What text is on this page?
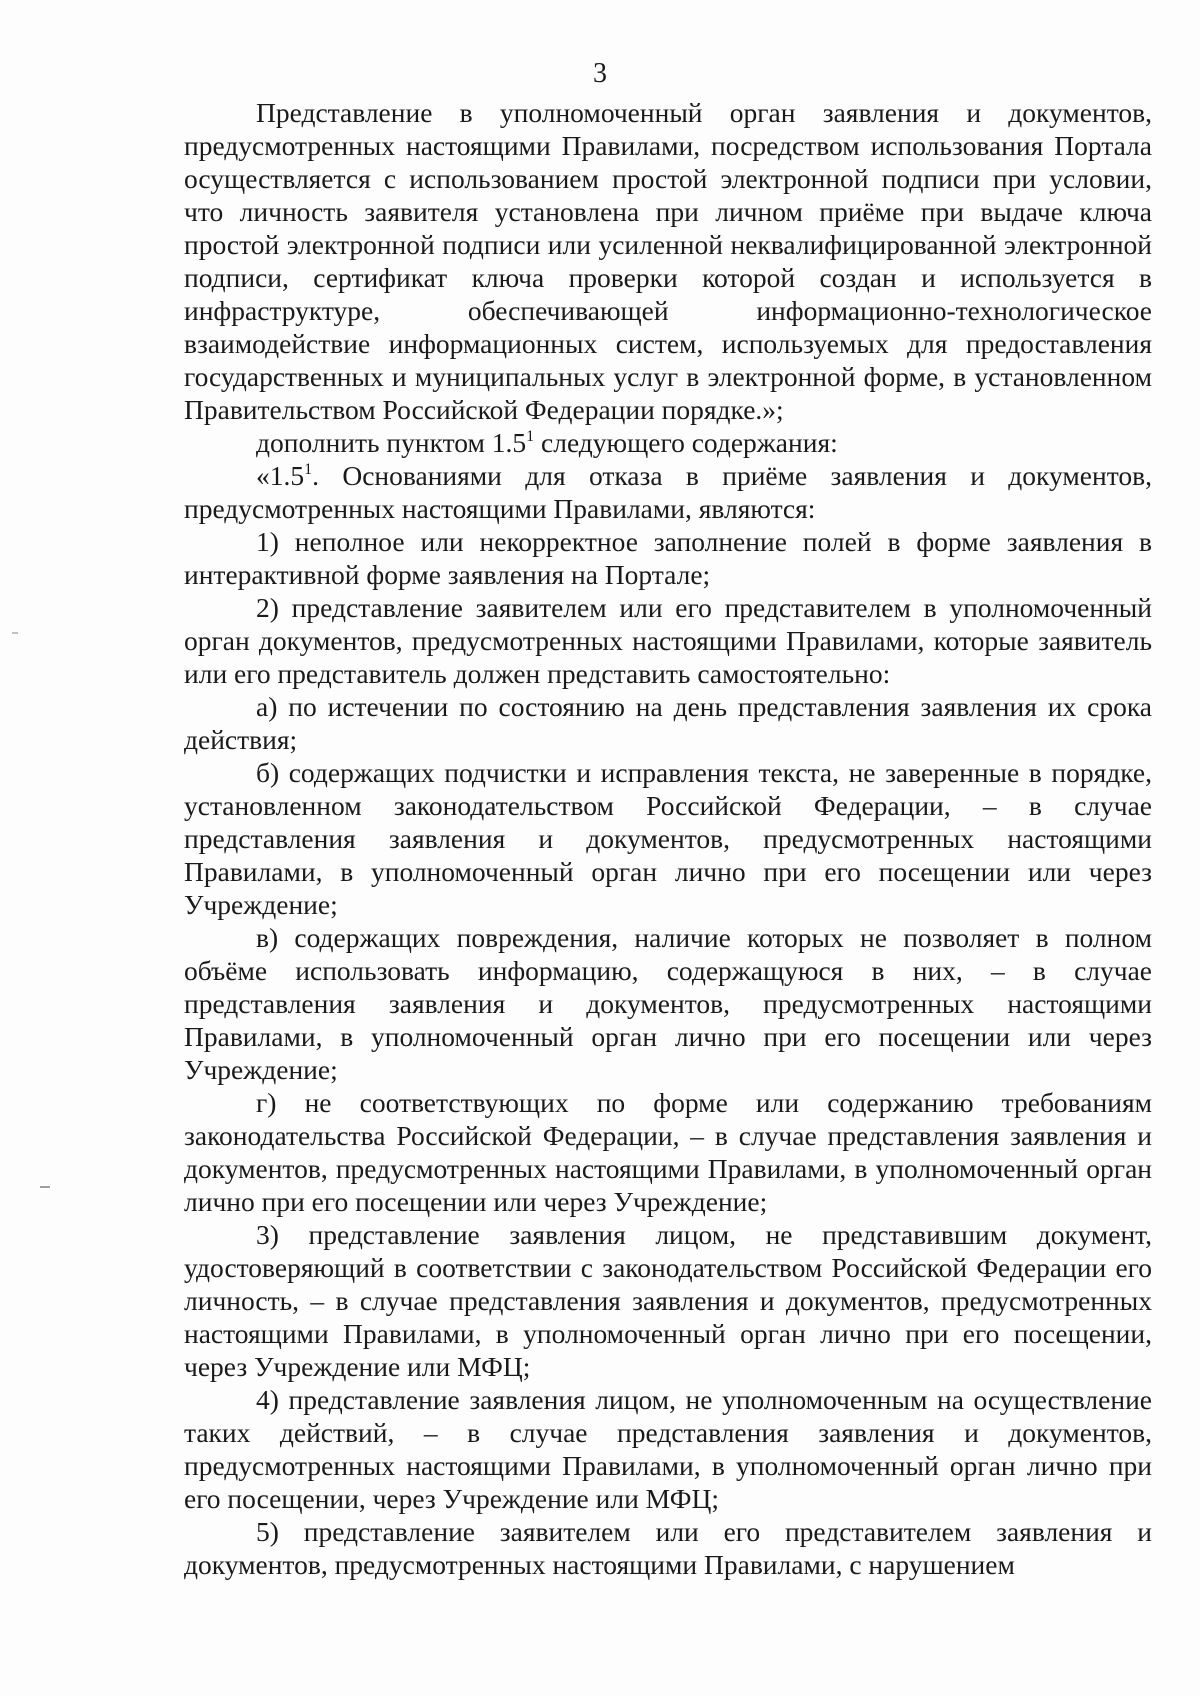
3

Представление в уполномоченный орган заявления и документов, предусмотренных настоящими Правилами, посредством использования Портала осуществляется с использованием простой электронной подписи при условии, что личность заявителя установлена при личном приёме при выдаче ключа простой электронной подписи или усиленной неквалифицированной электронной подписи, сертификат ключа проверки которой создан и используется в инфраструктуре, обеспечивающей информационно-технологическое взаимодействие информационных систем, используемых для предоставления государственных и муниципальных услуг в электронной форме, в установленном Правительством Российской Федерации порядке.»;

дополнить пунктом $1.5^1$ следующего содержания:

«$1.5^1$. Основаниями для отказа в приёме заявления и документов, предусмотренных настоящими Правилами, являются:

1) неполное или некорректное заполнение полей в форме заявления в интерактивной форме заявления на Портале;

2) представление заявителем или его представителем в уполномоченный орган документов, предусмотренных настоящими Правилами, которые заявитель или его представитель должен представить самостоятельно:

а) по истечении по состоянию на день представления заявления их срока действия;

б) содержащих подчистки и исправления текста, не заверенные в порядке, установленном законодательством Российской Федерации, – в случае представления заявления и документов, предусмотренных настоящими Правилами, в уполномоченный орган лично при его посещении или через Учреждение;

в) содержащих повреждения, наличие которых не позволяет в полном объёме использовать информацию, содержащуюся в них, – в случае представления заявления и документов, предусмотренных настоящими Правилами, в уполномоченный орган лично при его посещении или через Учреждение;

г) не соответствующих по форме или содержанию требованиям законодательства Российской Федерации, – в случае представления заявления и документов, предусмотренных настоящими Правилами, в уполномоченный орган лично при его посещении или через Учреждение;

3) представление заявления лицом, не представившим документ, удостоверяющий в соответствии с законодательством Российской Федерации его личность, – в случае представления заявления и документов, предусмотренных настоящими Правилами, в уполномоченный орган лично при его посещении, через Учреждение или МФЦ;

4) представление заявления лицом, не уполномоченным на осуществление таких действий, – в случае представления заявления и документов, предусмотренных настоящими Правилами, в уполномоченный орган лично при его посещении, через Учреждение или МФЦ;

5) представление заявителем или его представителем заявления и документов, предусмотренных настоящими Правилами, с нарушением
